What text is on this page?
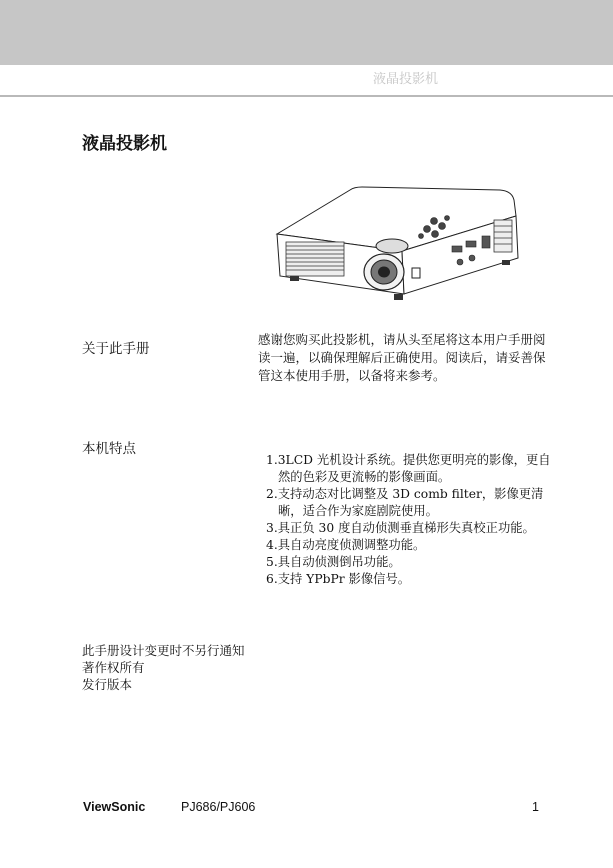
液晶投影机
液晶投影机
关于此手册
感谢您购买此投影机，请从头至尾将这本用户手册阅读一遍，以确保理解后正确使用。阅读后，请妥善保管这本使用手册，以备将来参考。
本机特点
1.3LCD 光机设计系统。提供您更明亮的影像，更自然的色彩及更流畅的影像画面。
2.支持动态对比调整及 3D comb filter，影像更清晰，适合作为家庭剧院使用。
3.具正负 30 度自动侦测垂直梯形失真校正功能。
4.具自动亮度侦测调整功能。
5.具自动侦测倒吊功能。
6.支持 YPbPr 影像信号。
此手册设计变更时不另行通知
著作权所有
发行版本
ViewSonic	PJ686/PJ606	1
